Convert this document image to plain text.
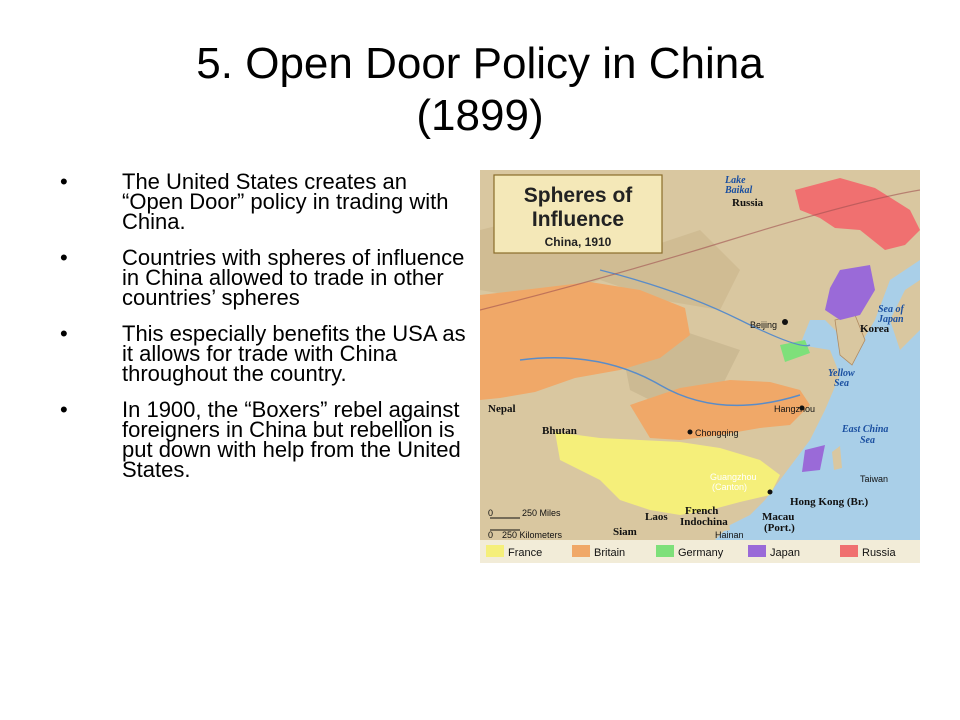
5. Open Door Policy in China
(1899)
• The United States creates an “Open Door” policy in trading with China.
• Countries with spheres of influence in China allowed to trade in other countries’ spheres
• This especially benefits the USA as it allows for trade with China throughout the country.
• In 1900, the “Boxers” rebel against foreigners in China but rebellion is put down with help from the United States.
Spheres of
Influence
China, 1910
Lake
Baikal
Russia
Sea of
Japan
Beijing	Korea
Yellow
Sea
Nepal	Hangzhou
Bhutan	Chongqing	East China
Sea
Guangzhou
(Canton)
Taiwan
Hong Kong (Br.)
Laos French
Indochina	Macau
(Port.)
Siam	Hainan
0	250 Miles
0 250 Kilometers
France	Britain	Germany	Japan	Russia
